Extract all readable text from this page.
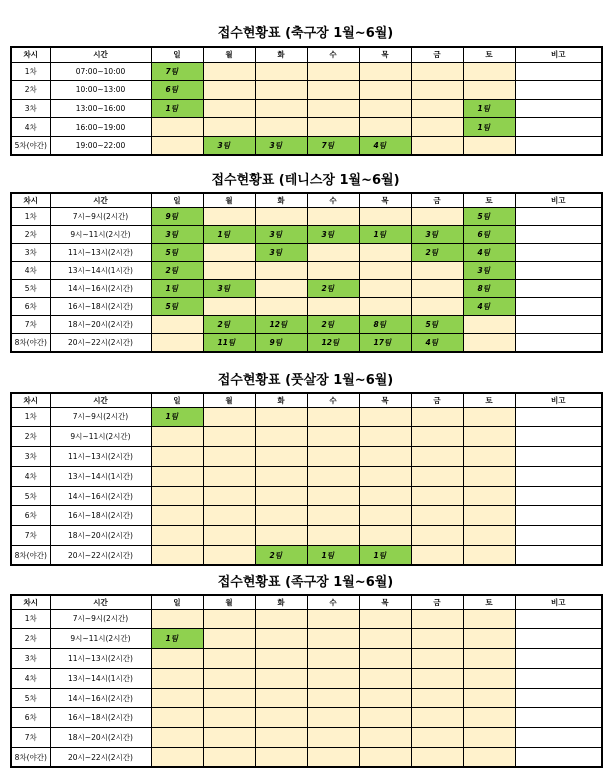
접수현황표 (축구장 1월~6월)
차시	시간	일	월	화	수	목	금	토	비고
1차	07:00~10:00	7팀							
2차	10:00~13:00	6팀							
3차	13:00~16:00	1팀						1팀	
4차	16:00~19:00							1팀	
5차(야간)	19:00~22:00		3팀	3팀	7팀	4팀			
접수현황표 (테니스장 1월~6월)
차시	시간	일	월	화	수	목	금	토	비고
1차	7시~9시(2시간)	9팀						5팀	
2차	9시~11시(2시간)	3팀	1팀	3팀	3팀	1팀	3팀	6팀	
3차	11시~13시(2시간)	5팀		3팀			2팀	4팀	
4차	13시~14시(1시간)	2팀						3팀	
5차	14시~16시(2시간)	1팀	3팀		2팀			8팀	
6차	16시~18시(2시간)	5팀						4팀	
7차	18시~20시(2시간)		2팀	12팀	2팀	8팀	5팀		
8차(야간)	20시~22시(2시간)		11팀	9팀	12팀	17팀	4팀		
접수현황표 (풋살장 1월~6월)
차시	시간	일	월	화	수	목	금	토	비고
1차	7시~9시(2시간)	1팀							
2차	9시~11시(2시간)								
3차	11시~13시(2시간)								
4차	13시~14시(1시간)								
5차	14시~16시(2시간)								
6차	16시~18시(2시간)								
7차	18시~20시(2시간)								
8차(야간)	20시~22시(2시간)			2팀	1팀	1팀			
접수현황표 (족구장 1월~6월)
차시	시간	일	월	화	수	목	금	토	비고
1차	7시~9시(2시간)								
2차	9시~11시(2시간)	1팀							
3차	11시~13시(2시간)								
4차	13시~14시(1시간)								
5차	14시~16시(2시간)								
6차	16시~18시(2시간)								
7차	18시~20시(2시간)								
8차(야간)	20시~22시(2시간)								
